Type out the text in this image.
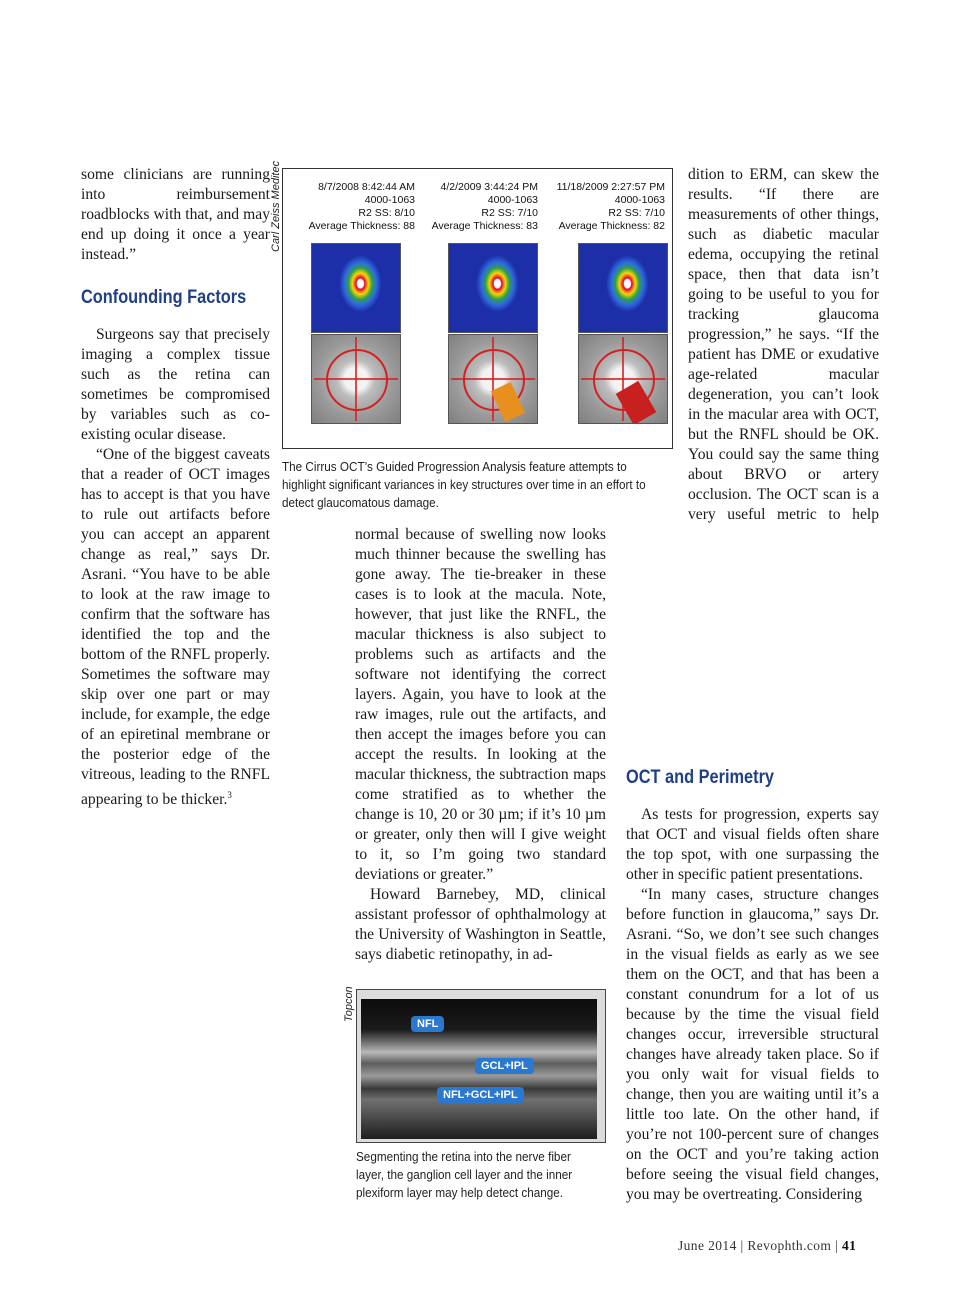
some clinicians are running into reimbursement roadblocks with that, and may end up doing it once a year instead.”

Confounding Factors

Surgeons say that precisely imaging a complex tissue such as the retina can sometimes be compromised by variables such as co-existing ocular disease.

“One of the biggest caveats that a reader of OCT images has to accept is that you have to rule out artifacts before you can accept an apparent change as real,” says Dr. Asrani. “You have to be able to look at the raw image to confirm that the software has identified the top and the bottom of the RNFL properly. Sometimes the software may skip over one part or may include, for example, the edge of an epiretinal membrane or the posterior edge of the vitreous, leading to the RNFL appearing to be thicker.$^3$

Carl Zeiss Meditec	8/7/2008 8:42:44 AM
4000-1063
R2 SS: 8/10
Average Thickness: 88
4/2/2009 3:44:24 PM
4000-1063
R2 SS: 7/10
Average Thickness: 83
11/18/2009 2:27:57 PM
4000-1063
R2 SS: 7/10
Average Thickness: 82
The Cirrus OCT’s Guided Progression Analysis feature attempts to highlight significant variances in key structures over time in an effort to detect glaucomatous damage.

normal because of swelling now looks much thinner because the swelling has gone away. The tie-breaker in these cases is to look at the macula. Note, however, that just like the RNFL, the macular thickness is also subject to problems such as artifacts and the software not identifying the correct layers. Again, you have to look at the raw images, rule out the artifacts, and then accept the images before you can accept the results. In looking at the macular thickness, the subtraction maps come stratified as to whether the change is 10, 20 or 30 µm; if it’s 10 µm or greater, only then will I give weight to it, so I’m going two standard deviations or greater.”

Howard Barnebey, MD, clinical assistant professor of ophthalmology at the University of Washington in Seattle, says diabetic retinopathy, in ad-

Topcon
NFL
GCL+IPL
NFL+GCL+IPL
Segmenting the retina into the nerve fiber layer, the ganglion cell layer and the inner plexiform layer may help detect change.

dition to ERM, can skew the results. “If there are measurements of other things, such as diabetic macular edema, occupying the retinal space, then that data isn’t going to be useful to you for tracking glaucoma progression,” he says. “If the patient has DME or exudative age-related macular degeneration, you can’t look in the macular area with OCT, but the RNFL should be OK. You could say the same thing about BRVO or artery occlusion. The OCT scan is a very useful metric to help

OCT and Perimetry

As tests for progression, experts say that OCT and visual fields often share the top spot, with one surpassing the other in specific patient presentations.

“In many cases, structure changes before function in glaucoma,” says Dr. Asrani. “So, we don’t see such changes in the visual fields as early as we see them on the OCT, and that has been a constant conundrum for a lot of us because by the time the visual field changes occur, irreversible structural changes have already taken place. So if you only wait for visual fields to change, then you are waiting until it’s a little too late. On the other hand, if you’re not 100-percent sure of changes on the OCT and you’re taking action before seeing the visual field changes, you may be overtreating. Considering

June 2014 | Revophth.com | 41
